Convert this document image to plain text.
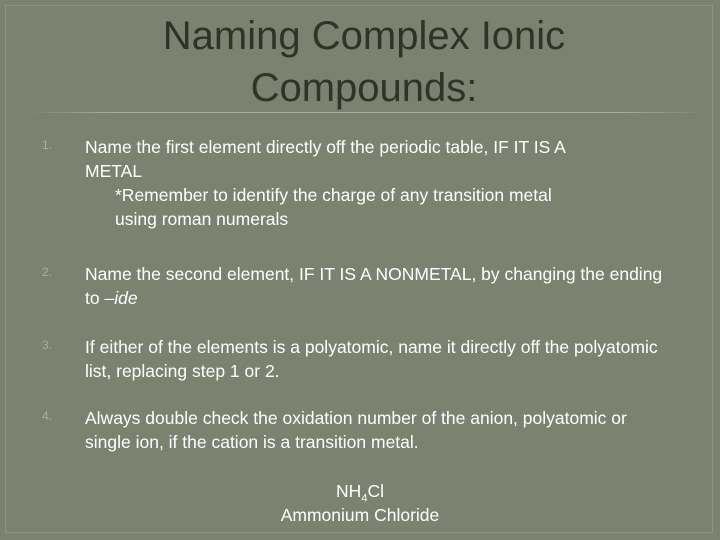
Naming Complex Ionic
Compounds:
1. Name the first element directly off the periodic table, IF IT IS A
METAL
*Remember to identify the charge of any transition metal
using roman numerals
2. Name the second element, IF IT IS A NONMETAL, by changing the ending to –ide
3. If either of the elements is a polyatomic, name it directly off the polyatomic list, replacing step 1 or 2.
4. Always double check the oxidation number of the anion, polyatomic or single ion, if the cation is a transition metal.
$NH_4Cl$
Ammonium Chloride
